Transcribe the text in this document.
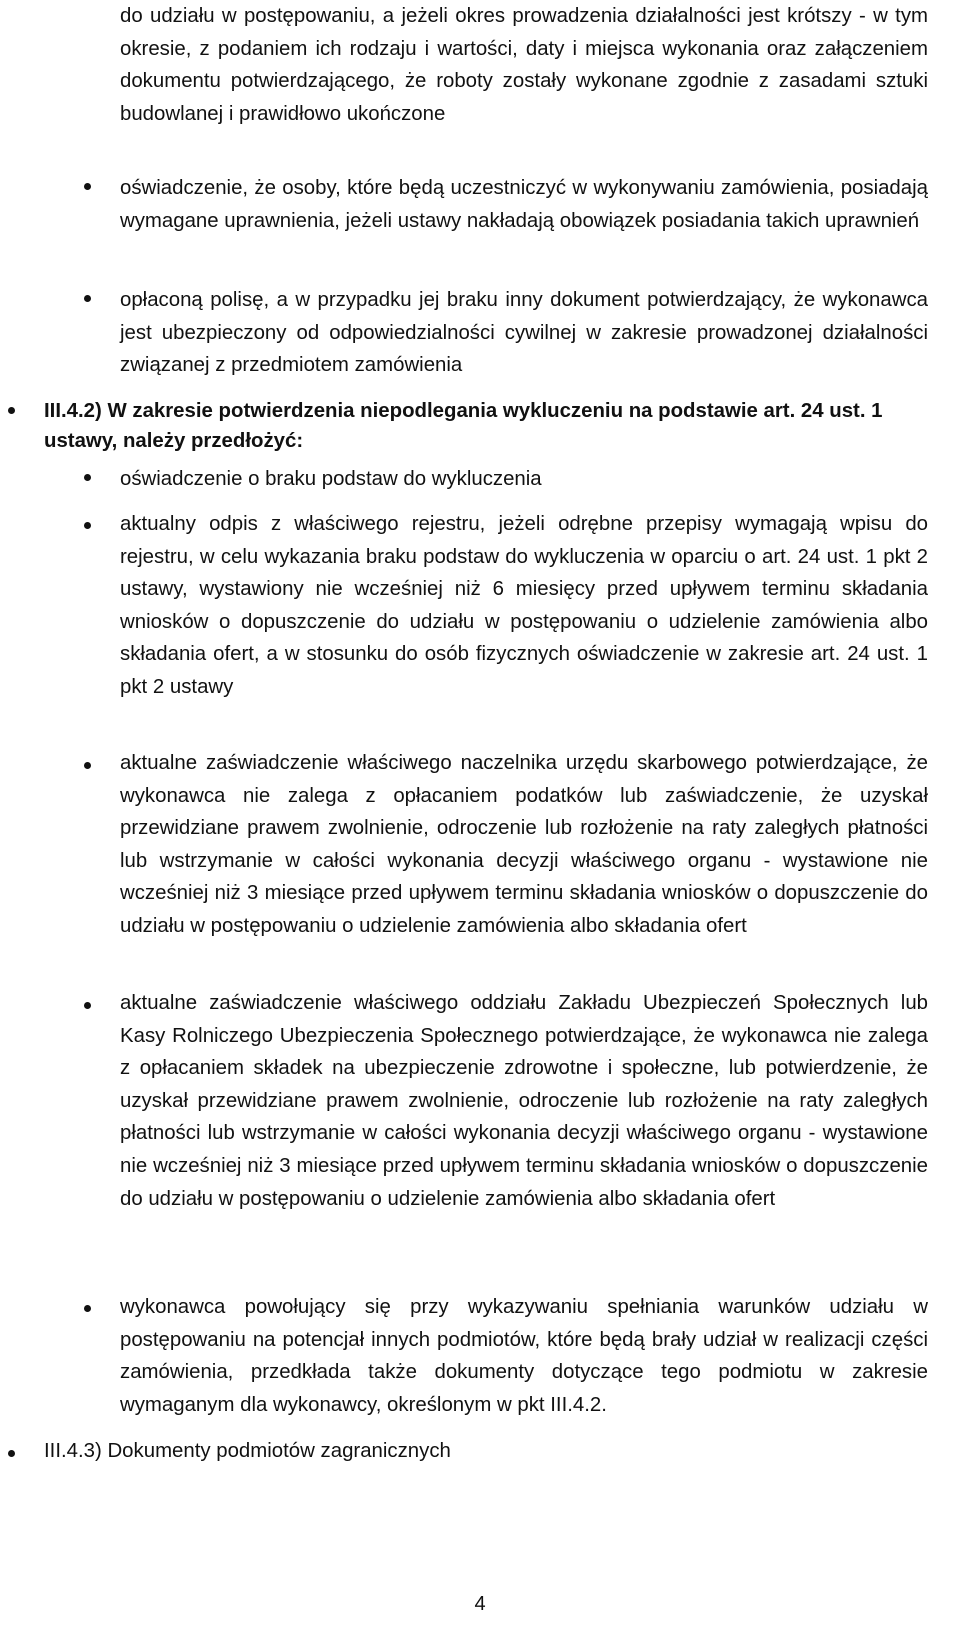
do udziału w postępowaniu, a jeżeli okres prowadzenia działalności jest krótszy - w tym okresie, z podaniem ich rodzaju i wartości, daty i miejsca wykonania oraz załączeniem dokumentu potwierdzającego, że roboty zostały wykonane zgodnie z zasadami sztuki budowlanej i prawidłowo ukończone

oświadczenie, że osoby, które będą uczestniczyć w wykonywaniu zamówienia, posiadają wymagane uprawnienia, jeżeli ustawy nakładają obowiązek posiadania takich uprawnień

opłaconą polisę, a w przypadku jej braku inny dokument potwierdzający, że wykonawca jest ubezpieczony od odpowiedzialności cywilnej w zakresie prowadzonej działalności związanej z przedmiotem zamówienia

III.4.2) W zakresie potwierdzenia niepodlegania wykluczeniu na podstawie art. 24 ust. 1 ustawy, należy przedłożyć:

oświadczenie o braku podstaw do wykluczenia

aktualny odpis z właściwego rejestru, jeżeli odrębne przepisy wymagają wpisu do rejestru, w celu wykazania braku podstaw do wykluczenia w oparciu o art. 24 ust. 1 pkt 2 ustawy, wystawiony nie wcześniej niż 6 miesięcy przed upływem terminu składania wniosków o dopuszczenie do udziału w postępowaniu o udzielenie zamówienia albo składania ofert, a w stosunku do osób fizycznych oświadczenie w zakresie art. 24 ust. 1 pkt 2 ustawy

aktualne zaświadczenie właściwego naczelnika urzędu skarbowego potwierdzające, że wykonawca nie zalega z opłacaniem podatków lub zaświadczenie, że uzyskał przewidziane prawem zwolnienie, odroczenie lub rozłożenie na raty zaległych płatności lub wstrzymanie w całości wykonania decyzji właściwego organu - wystawione nie wcześniej niż 3 miesiące przed upływem terminu składania wniosków o dopuszczenie do udziału w postępowaniu o udzielenie zamówienia albo składania ofert

aktualne zaświadczenie właściwego oddziału Zakładu Ubezpieczeń Społecznych lub Kasy Rolniczego Ubezpieczenia Społecznego potwierdzające, że wykonawca nie zalega z opłacaniem składek na ubezpieczenie zdrowotne i społeczne, lub potwierdzenie, że uzyskał przewidziane prawem zwolnienie, odroczenie lub rozłożenie na raty zaległych płatności lub wstrzymanie w całości wykonania decyzji właściwego organu - wystawione nie wcześniej niż 3 miesiące przed upływem terminu składania wniosków o dopuszczenie do udziału w postępowaniu o udzielenie zamówienia albo składania ofert

wykonawca powołujący się przy wykazywaniu spełniania warunków udziału w postępowaniu na potencjał innych podmiotów, które będą brały udział w realizacji części zamówienia, przedkłada także dokumenty dotyczące tego podmiotu w zakresie wymaganym dla wykonawcy, określonym w pkt III.4.2.

III.4.3) Dokumenty podmiotów zagranicznych

4
